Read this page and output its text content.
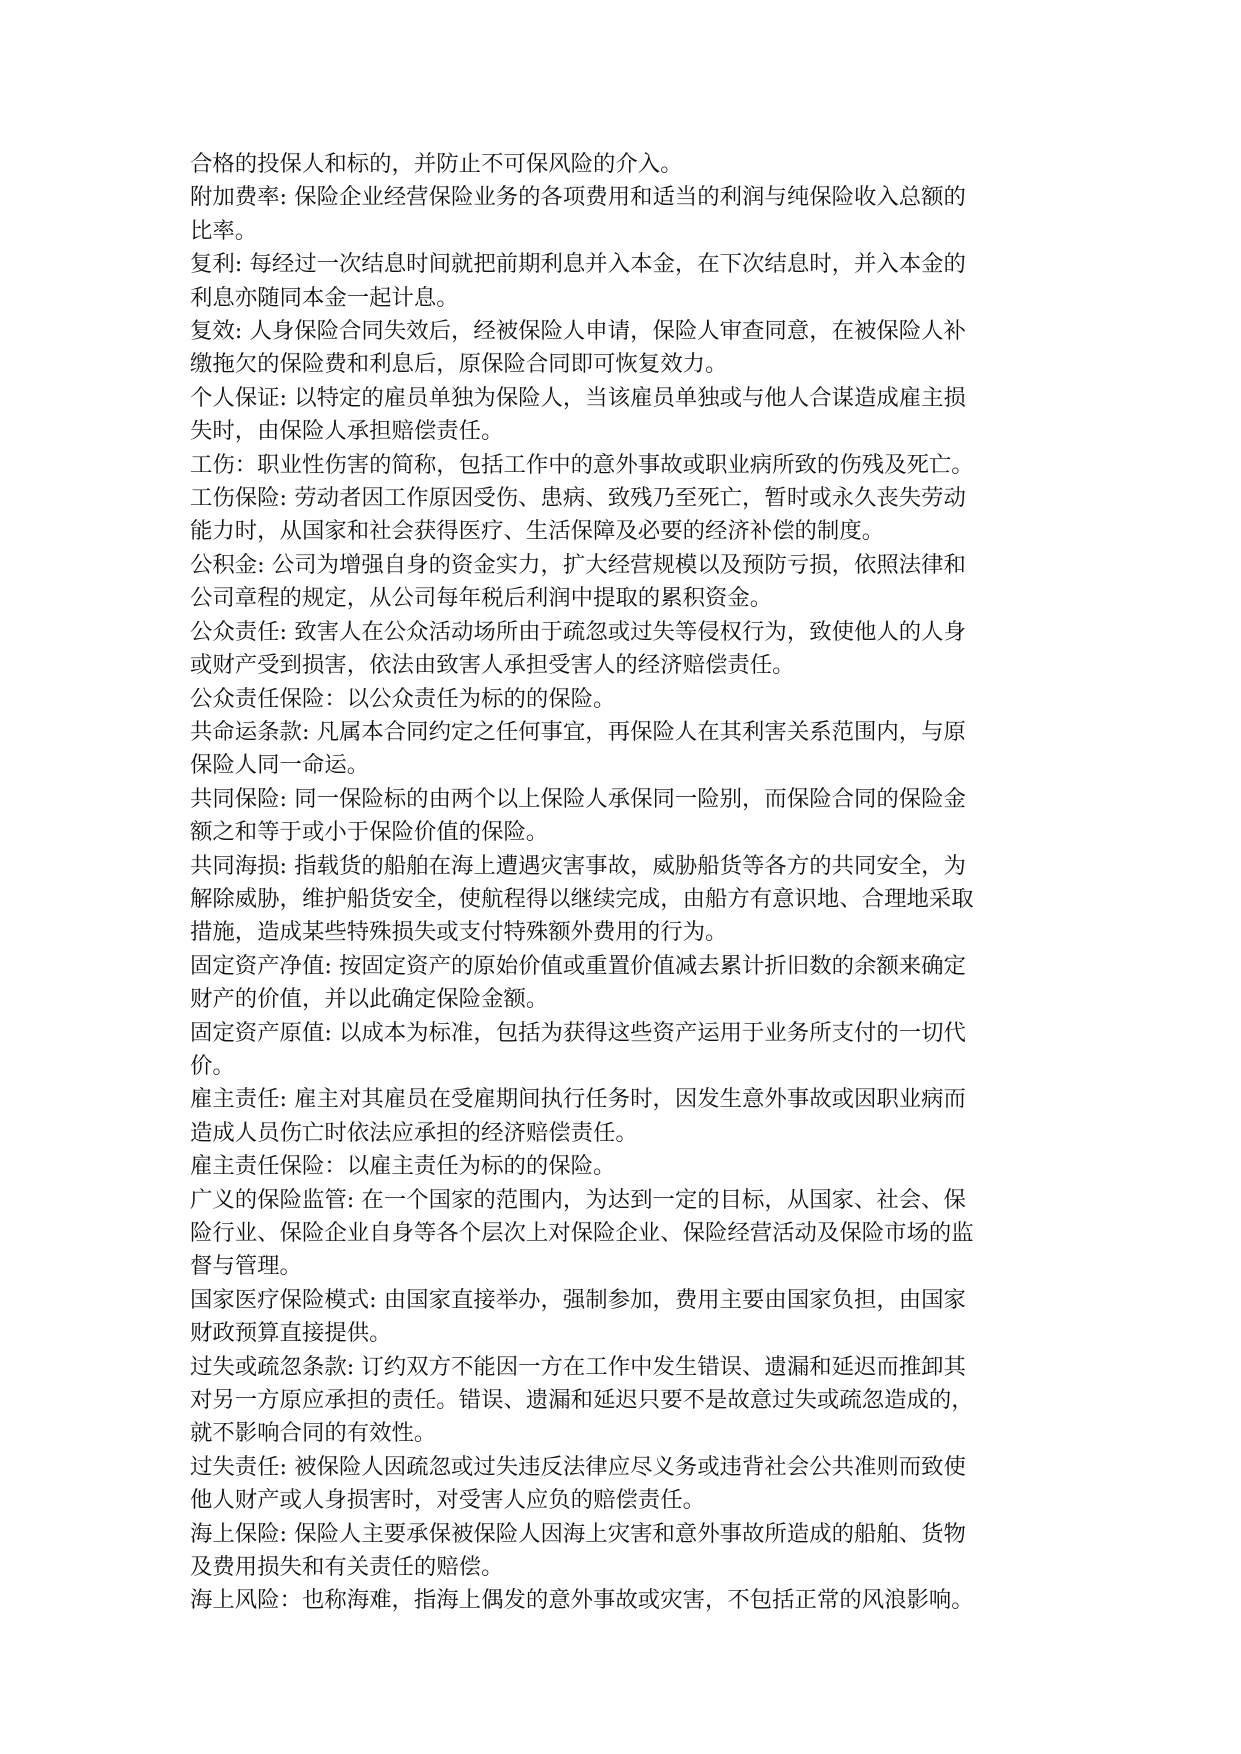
合格的投保人和标的，并防止不可保风险的介入。
附加费率: 保险企业经营保险业务的各项费用和适当的利润与纯保险收入总额的
比率。
复利: 每经过一次结息时间就把前期利息并入本金，在下次结息时，并入本金的
利息亦随同本金一起计息。
复效: 人身保险合同失效后，经被保险人申请，保险人审查同意，在被保险人补
缴拖欠的保险费和利息后，原保险合同即可恢复效力。
个人保证: 以特定的雇员单独为保险人，当该雇员单独或与他人合谋造成雇主损
失时，由保险人承担赔偿责任。
工伤：职业性伤害的简称，包括工作中的意外事故或职业病所致的伤残及死亡。
工伤保险: 劳动者因工作原因受伤、患病、致残乃至死亡，暂时或永久丧失劳动
能力时，从国家和社会获得医疗、生活保障及必要的经济补偿的制度。
公积金: 公司为增强自身的资金实力，扩大经营规模以及预防亏损，依照法律和
公司章程的规定，从公司每年税后利润中提取的累积资金。
公众责任: 致害人在公众活动场所由于疏忽或过失等侵权行为，致使他人的人身
或财产受到损害，依法由致害人承担受害人的经济赔偿责任。
公众责任保险：以公众责任为标的的保险。
共命运条款: 凡属本合同约定之任何事宜，再保险人在其利害关系范围内，与原
保险人同一命运。
共同保险: 同一保险标的由两个以上保险人承保同一险别，而保险合同的保险金
额之和等于或小于保险价值的保险。
共同海损: 指载货的船舶在海上遭遇灾害事故，威胁船货等各方的共同安全，为
解除威胁，维护船货安全，使航程得以继续完成，由船方有意识地、合理地采取
措施，造成某些特殊损失或支付特殊额外费用的行为。
固定资产净值: 按固定资产的原始价值或重置价值减去累计折旧数的余额来确定
财产的价值，并以此确定保险金额。
固定资产原值: 以成本为标准，包括为获得这些资产运用于业务所支付的一切代
价。
雇主责任: 雇主对其雇员在受雇期间执行任务时，因发生意外事故或因职业病而
造成人员伤亡时依法应承担的经济赔偿责任。
雇主责任保险：以雇主责任为标的的保险。
广义的保险监管: 在一个国家的范围内，为达到一定的目标，从国家、社会、保
险行业、保险企业自身等各个层次上对保险企业、保险经营活动及保险市场的监
督与管理。
国家医疗保险模式: 由国家直接举办，强制参加，费用主要由国家负担，由国家
财政预算直接提供。
过失或疏忽条款: 订约双方不能因一方在工作中发生错误、遗漏和延迟而推卸其
对另一方原应承担的责任。错误、遗漏和延迟只要不是故意过失或疏忽造成的，
就不影响合同的有效性。
过失责任: 被保险人因疏忽或过失违反法律应尽义务或违背社会公共准则而致使
他人财产或人身损害时，对受害人应负的赔偿责任。
海上保险: 保险人主要承保被保险人因海上灾害和意外事故所造成的船舶、货物
及费用损失和有关责任的赔偿。
海上风险：也称海难，指海上偶发的意外事故或灾害，不包括正常的风浪影响。
